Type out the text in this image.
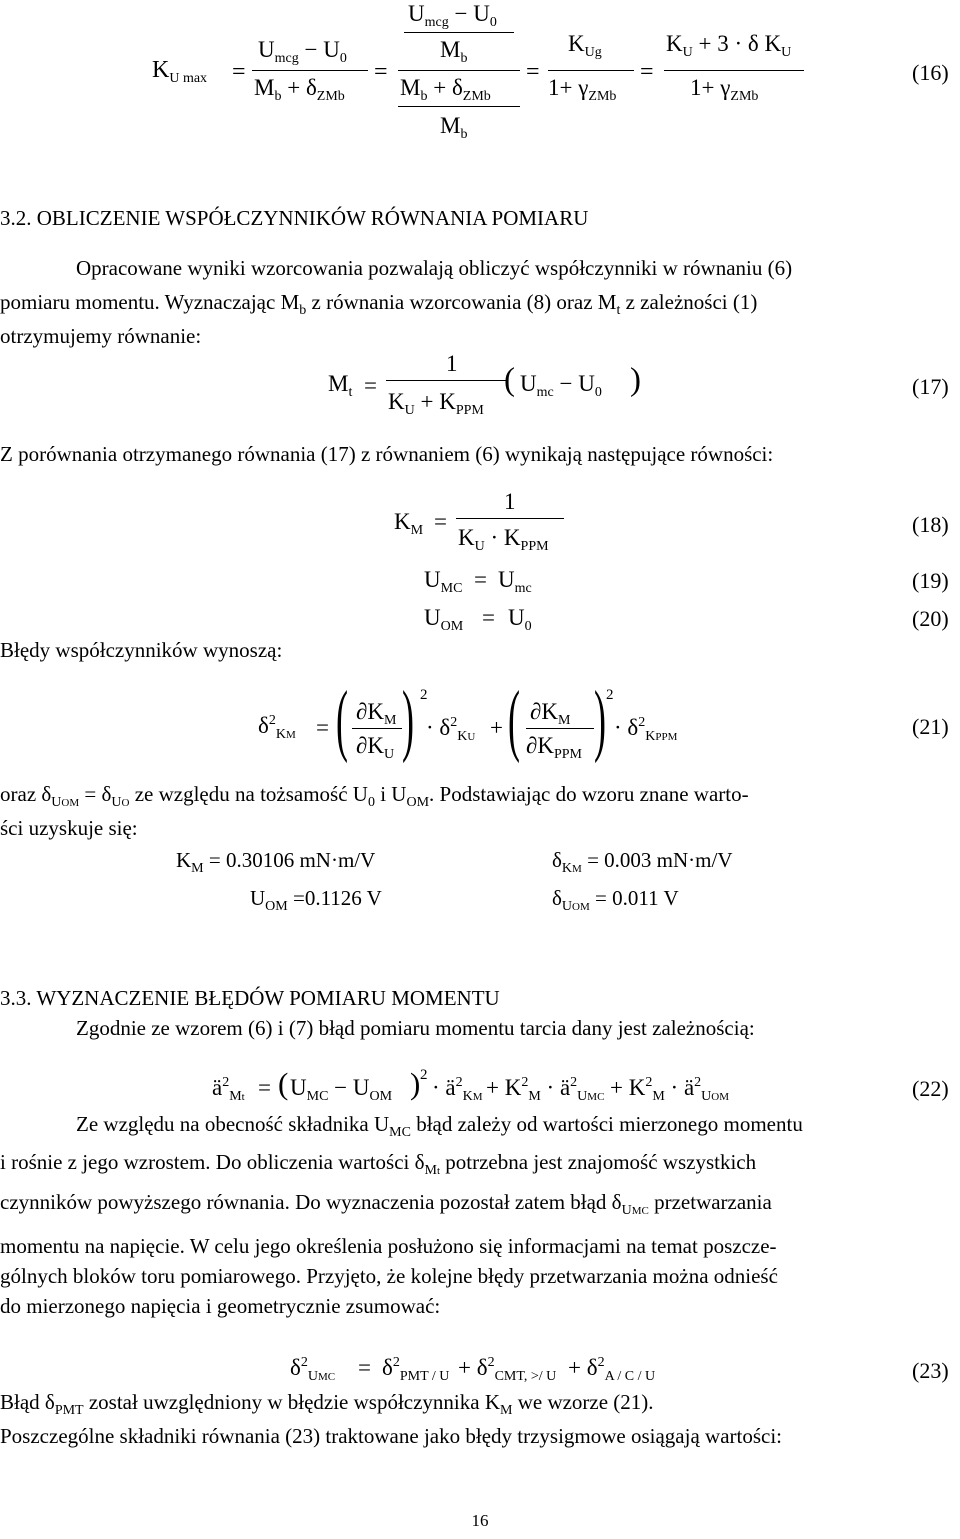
$K_{U max}$ =
$U_{mcg} - U_0$
$M_b + \delta_{ZMb}$
=
$U_{mcg} - U_0$
$M_b$
$M_b + \delta_{ZMb}$
$M_b$
=
$K_{Ug}$
$1+ \gamma_{ZMb}$
=
$K_U + 3 \cdot \delta$ $K_U$
$1+ \gamma_{ZMb}$
(16)
3.2. OBLICZENIE WSPÓŁCZYNNIKÓW RÓWNANIA POMIARU
Opracowane wyniki wzorcowania pozwalają obliczyć współczynniki w równaniu (6)
pomiaru momentu. Wyznaczając $M_b$ z równania wzorcowania (8) oraz $M_t$ z zależności (1)
otrzymujemy równanie:
$M_t$ =
1
$K_U + K_{PPM}$
( $U_{mc} - U_0$ )	(17)
Z porównania otrzymanego równania (17) z równaniem (6) wynikają następujące równości:
$K_M$ =
1
$K_U \cdot K_{PPM}$
(18)
$U_{MC} = U_{mc}$	(19)
$U_{OM} = U_0$	(20)
Błędy współczynników wynoszą:
$\delta^2_{KM}$ = ( $\partial K_M$
$\partial K_U$ ) 2
· $\delta^2_{KU}$ + ( $\partial K_M$
$\partial K_{PPM}$ ) 2
· $\delta^2_{KPPM}$	(21)
oraz $\delta_{UOM} = \delta_{UO}$ ze względu na tożsamość $U_0$ i $U_{OM}$. Podstawiając do wzoru znane warto-
ści uzyskuje się:
$K_M = 0.30106$ mN·m/V	$\delta_{KM} = 0.003$ mN·m/V
$U_{OM} =0.1126$ V	$\delta_{UOM} = 0.011$ V
3.3. WYZNACZENIE BŁĘDÓW POMIARU MOMENTU
Zgodnie ze wzorem (6) i (7) błąd pomiaru momentu tarcia dany jest zależnością:
$ä^2_{Mt}$ = ( $U_{MC} - U_{OM}$ ) $2 \cdot ä^2_{KM} + K^2_M$ · $ä^2_{UMC} + K^2_M$ · $ä^2_{UOM}$	(22)
Ze względu na obecność składnika $U_{MC}$ błąd zależy od wartości mierzonego momentu
i rośnie z jego wzrostem. Do obliczenia wartości $\delta_{Mt}$ potrzebna jest znajomość wszystkich
czynników powyższego równania. Do wyznaczenia pozostał zatem błąd $\delta_{UMC}$ przetwarzania
momentu na napięcie. W celu jego określenia posłużono się informacjami na temat poszcze-
gólnych bloków toru pomiarowego. Przyjęto, że kolejne błędy przetwarzania można odnieść
do mierzonego napięcia i geometrycznie zsumować:
$\delta^2_{UMC} = \delta^2_{PMT / U} + \delta^2_{CMT, >/ U} + \delta^2_{A / C / U}$	(23)
Błąd $\delta_{PMT}$ został uwzględniony w błędzie współczynnika $K_M$ we wzorze (21).
Poszczególne składniki równania (23) traktowane jako błędy trzysigmowe osiągają wartości:
16
